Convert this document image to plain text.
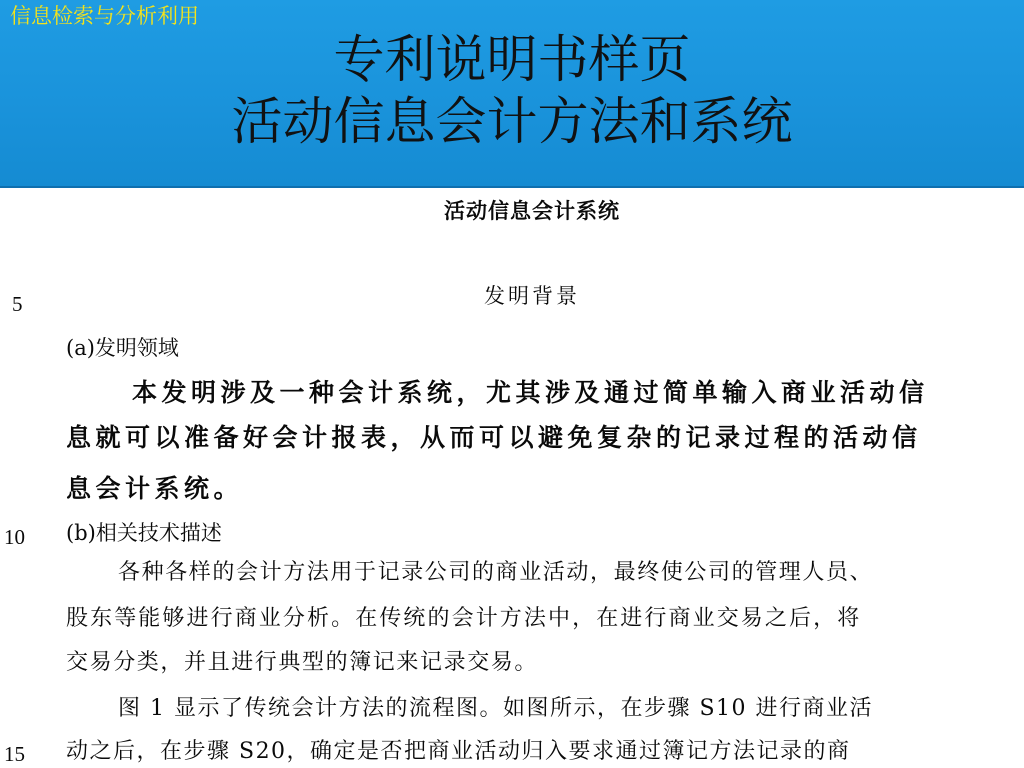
信息检索与分析利用
专利说明书样页
活动信息会计方法和系统
活动信息会计系统
5	发明背景
(a)发明领域
本发明涉及一种会计系统，尤其涉及通过简单输入商业活动信
息就可以准备好会计报表，从而可以避免复杂的记录过程的活动信
息会计系统。
10 (b)相关技术描述
各种各样的会计方法用于记录公司的商业活动，最终使公司的管理人员、
股东等能够进行商业分析。在传统的会计方法中，在进行商业交易之后，将
交易分类，并且进行典型的簿记来记录交易。
图 1 显示了传统会计方法的流程图。如图所示，在步骤 S10 进行商业活
15 动之后，在步骤 S20，确定是否把商业活动归入要求通过簿记方法记录的商
